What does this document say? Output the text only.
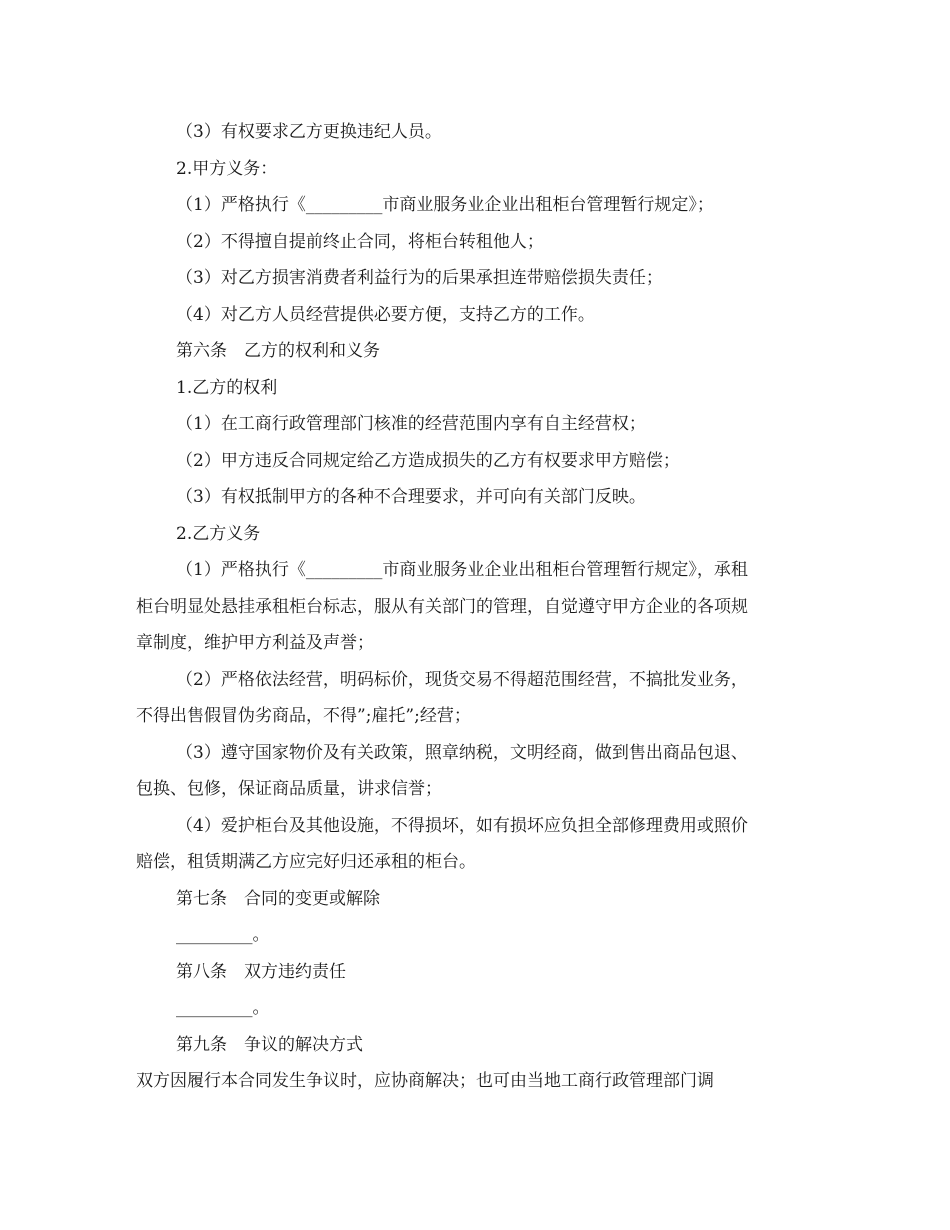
（3）有权要求乙方更换违纪人员。
2.甲方义务：
（1）严格执行《_________市商业服务业企业出租柜台管理暂行规定》；
（2）不得擅自提前终止合同，将柜台转租他人；
（3）对乙方损害消费者利益行为的后果承担连带赔偿损失责任；
（4）对乙方人员经营提供必要方便，支持乙方的工作。
第六条　乙方的权利和义务
1.乙方的权利
（1）在工商行政管理部门核准的经营范围内享有自主经营权；
（2）甲方违反合同规定给乙方造成损失的乙方有权要求甲方赔偿；
（3）有权抵制甲方的各种不合理要求，并可向有关部门反映。
2.乙方义务
（1）严格执行《_________市商业服务业企业出租柜台管理暂行规定》，承租
柜台明显处悬挂承租柜台标志，服从有关部门的管理，自觉遵守甲方企业的各项规
章制度，维护甲方利益及声誉；
（2）严格依法经营，明码标价，现货交易不得超范围经营，不搞批发业务，
不得出售假冒伪劣商品，不得”;雇托”;经营；
（3）遵守国家物价及有关政策，照章纳税，文明经商，做到售出商品包退、
包换、包修，保证商品质量，讲求信誉；
（4）爱护柜台及其他设施，不得损坏，如有损坏应负担全部修理费用或照价
赔偿，租赁期满乙方应完好归还承租的柜台。
第七条　合同的变更或解除
_________。
第八条　双方违约责任
_________。
第九条　争议的解决方式
双方因履行本合同发生争议时，应协商解决；也可由当地工商行政管理部门调
